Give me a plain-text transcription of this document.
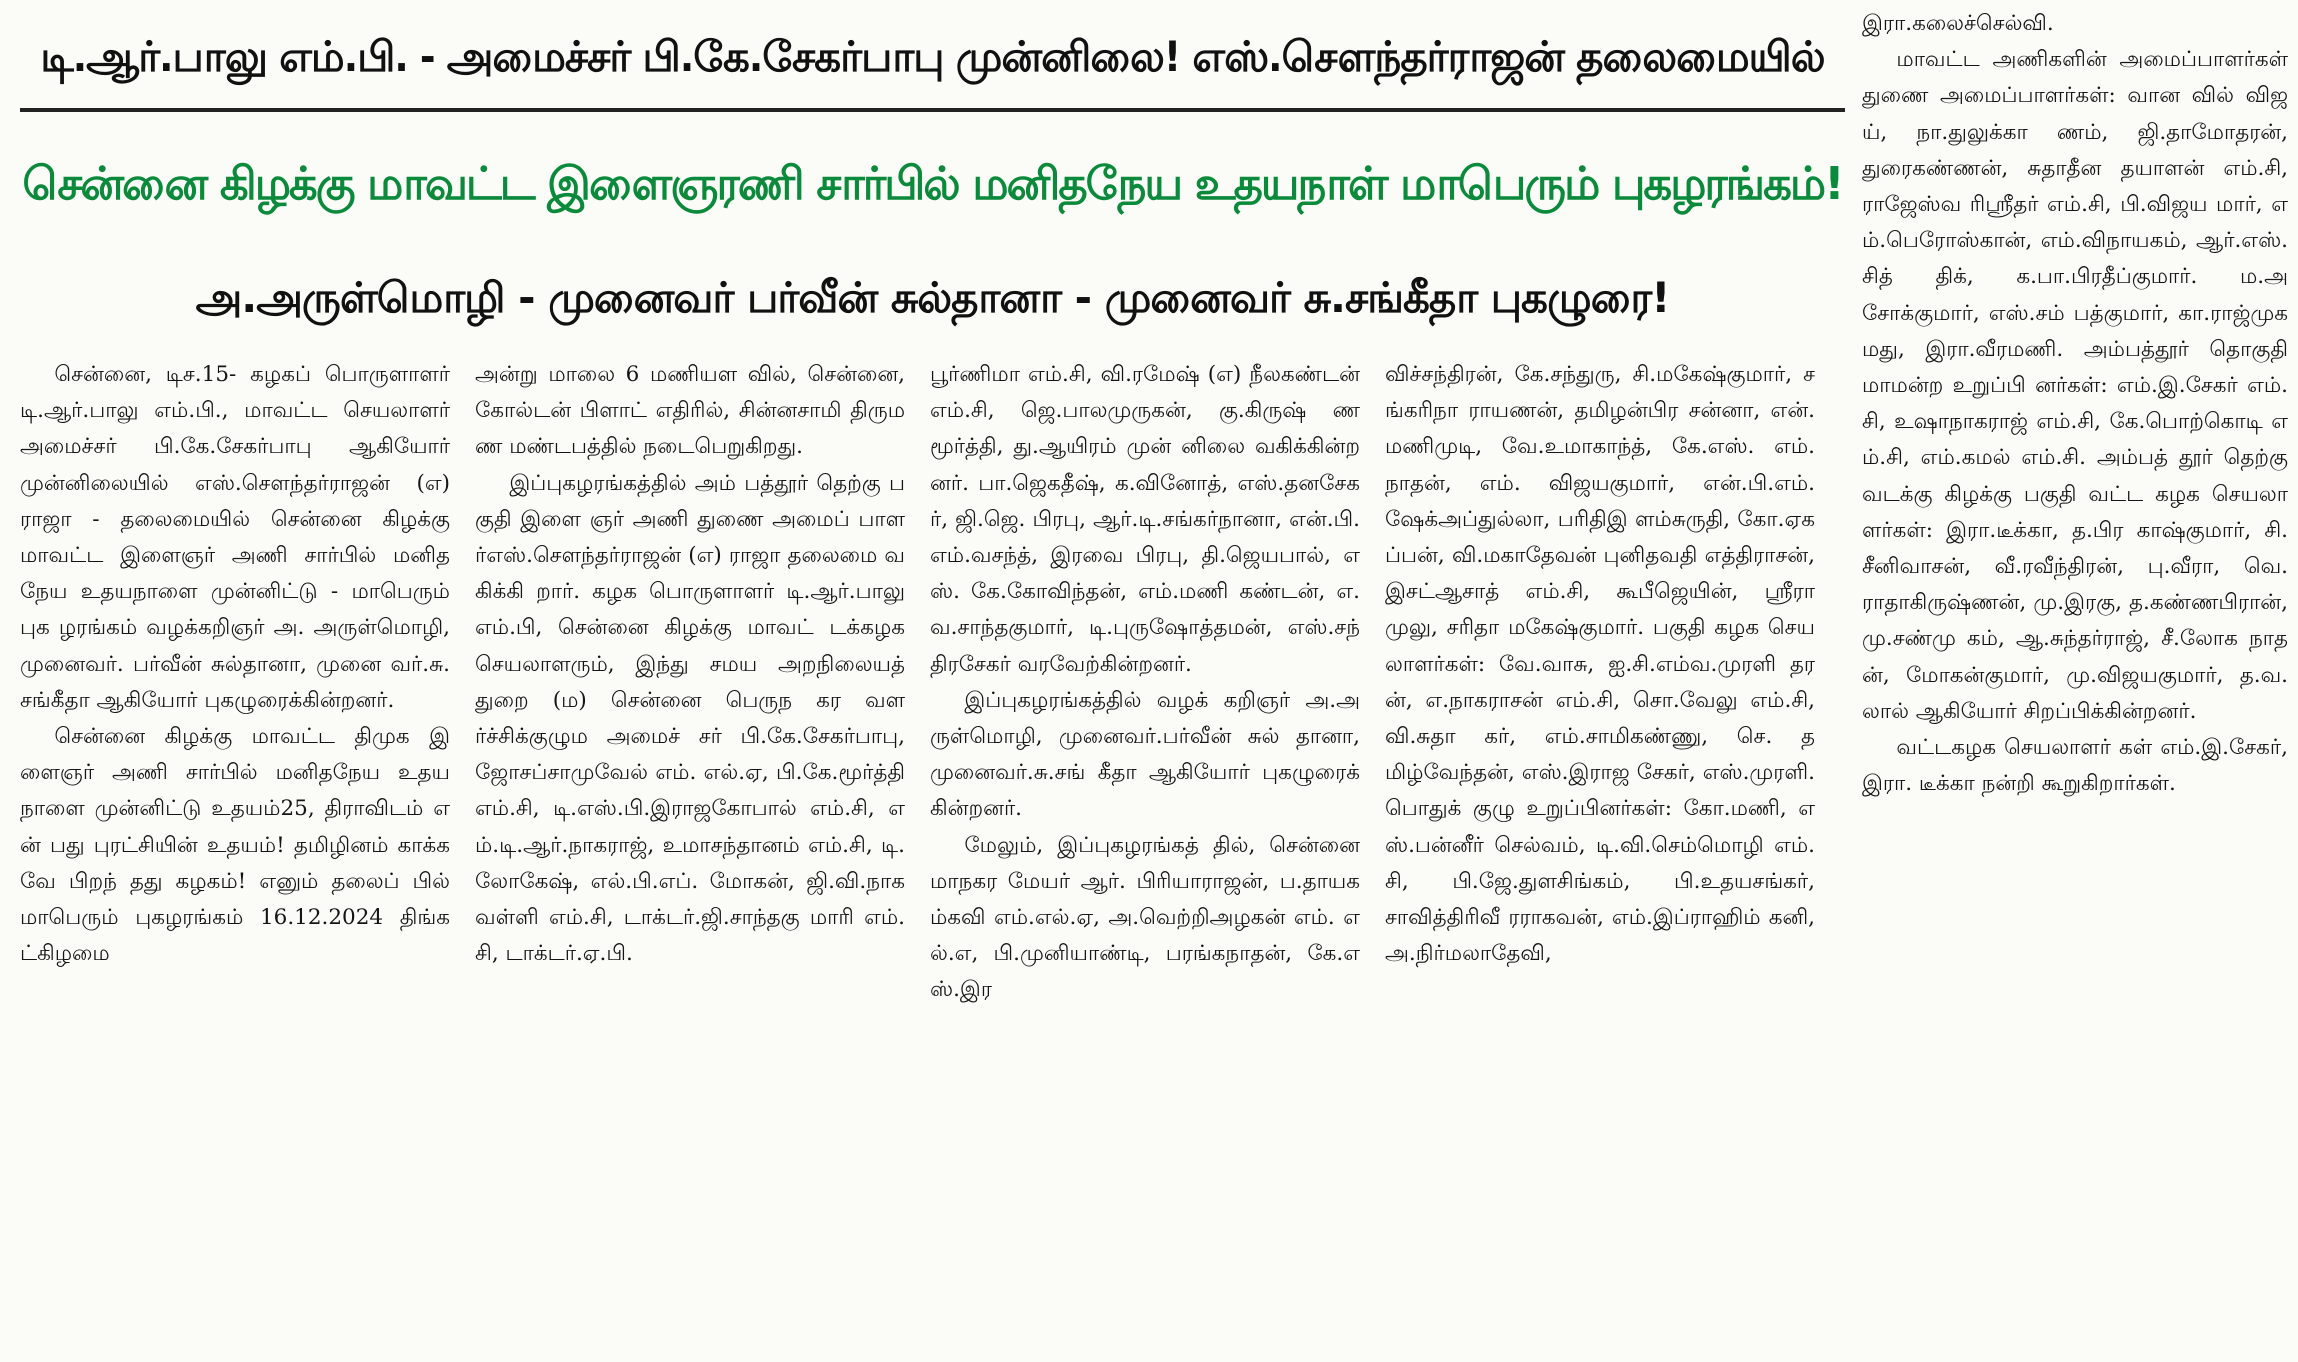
டி.ஆர்.பாலு எம்.பி. - அமைச்சர் பி.கே.சேகர்பாபு முன்னிலை! எஸ்.சௌந்தர்ராஜன் தலைமையில்
சென்னை கிழக்கு மாவட்ட இளைஞரணி சார்பில் மனிதநேய உதயநாள் மாபெரும் புகழரங்கம்!
அ.அருள்மொழி - முனைவர் பர்வீன் சுல்தானா - முனைவர் சு.சங்கீதா புகழுரை!

சென்னை, டிச.15- கழகப் பொருளாளர் டி.ஆர்.பாலு எம்.பி., மாவட்ட செயலாளர் அமைச்சர் பி.கே.சேகர்பாபு ஆகியோர் முன்னிலையில் எஸ்.சௌந்தர்ராஜன் (எ) ராஜா - தலைமையில் சென்னை கிழக்கு மாவட்ட இளைஞர் அணி சார்பில் மனிதநேய உதயநாளை முன்னிட்டு - மாபெரும் புக ழரங்கம் வழக்கறிஞர் அ. அருள்மொழி, முனைவர். பர்வீன் சுல்தானா, முனை வர்.சு.சங்கீதா ஆகியோர் புகழுரைக்கின்றனர்.

சென்னை கிழக்கு மாவட்ட திமுக இளைஞர் அணி சார்பில் மனிதநேய உதயநாளை முன்னிட்டு உதயம்25, திராவிடம் என் பது புரட்சியின் உதயம்! தமிழினம் காக்கவே பிறந் தது கழகம்! எனும் தலைப் பில் மாபெரும் புகழரங்கம் 16.12.2024 திங்கட்கிழமை

அன்று மாலை 6 மணியள வில், சென்னை, கோல்டன் பிளாட் எதிரில், சின்னசாமி திருமண மண்டபத்தில் நடைபெறுகிறது.

இப்புகழரங்கத்தில் அம் பத்தூர் தெற்கு பகுதி இளை ஞர் அணி துணை அமைப் பாளர்எஸ்.சௌந்தர்ராஜன் (எ) ராஜா தலைமை வகிக்கி றார். கழக பொருளாளர் டி.ஆர்.பாலு எம்.பி, சென்னை கிழக்கு மாவட் டக்கழக செயலாளரும், இந்து சமய அறநிலையத் துறை (ம) சென்னை பெருந கர வளர்ச்சிக்குழும அமைச் சர் பி.கே.சேகர்பாபு, ஜோசப்சாமுவேல் எம். எல்.ஏ, பி.கே.மூர்த்தி எம்.சி, டி.எஸ்.பி.இராஜகோபால் எம்.சி, எம்.டி.ஆர்.நாகராஜ், உமாசந்தானம் எம்.சி, டி. லோகேஷ், எல்.பி.எப். மோகன், ஜி.வி.நாகவள்ளி எம்.சி, டாக்டர்.ஜி.சாந்தகு மாரி எம்.சி, டாக்டர்.ஏ.பி.

பூர்ணிமா எம்.சி, வி.ரமேஷ் (எ) நீலகண்டன் எம்.சி, ஜெ.பாலமுருகன், கு.கிருஷ் ணமூர்த்தி, து.ஆயிரம் முன் னிலை வகிக்கின்றனர். பா.ஜெகதீஷ், க.வினோத், எஸ்.தனசேகர், ஜி.ஜெ. பிரபு, ஆர்.டி.சங்கர்நானா, என்.பி.எம்.வசந்த், இரவை பிரபு, தி.ஜெயபால், எஸ். கே.கோவிந்தன், எம்.மணி கண்டன், எ.வ.சாந்தகுமார், டி.புருஷோத்தமன், எஸ்.சந் திரசேகர் வரவேற்கின்றனர்.

இப்புகழரங்கத்தில் வழக் கறிஞர் அ.அருள்மொழி, முனைவர்.பர்வீன் சுல் தானா, முனைவர்.சு.சங் கீதா ஆகியோர் புகழுரைக் கின்றனர்.

மேலும், இப்புகழரங்கத் தில், சென்னை மாநகர மேயர் ஆர். பிரியாராஜன், ப.தாயகம்கவி எம்.எல்.ஏ, அ.வெற்றிஅழகன் எம். எல்.எ, பி.முனியாண்டி, பரங்கநாதன், கே.எஸ்.இர

விச்சந்திரன், கே.சந்துரு, சி.மகேஷ்குமார், சங்கரிநா ராயணன், தமிழன்பிர சன்னா, என்.மணிமுடி, வே.உமாகாந்த், கே.எஸ். எம்.நாதன், எம். விஜயகுமார், என்.பி.எம். ஷேக்அப்துல்லா, பரிதிஇ ளம்சுருதி, கோ.ஏகப்பன், வி.மகாதேவன் புனிதவதி எத்திராசன், இசட்ஆசாத் எம்.சி, கூபீஜெயின், ஸ்ரீரா முலு, சரிதா மகேஷ்குமார். பகுதி கழக செயலாளர்கள்: வே.வாசு, ஐ.சி.எம்வ.முரளி தரன், எ.நாகராசன் எம்.சி, சொ.வேலு எம்.சி, வி.சுதா கர், எம்.சாமிகண்ணு, செ. தமிழ்வேந்தன், எஸ்.இராஜ சேகர், எஸ்.முரளி. பொதுக் குழு உறுப்பினர்கள்: கோ.மணி, எஸ்.பன்னீர் செல்வம், டி.வி.செம்மொழி எம்.சி, பி.ஜே.துளசிங்கம், பி.உதயசங்கர், சாவித்திரிவீ ரராகவன், எம்.இப்ராஹிம் கனி, அ.நிர்மலாதேவி,

இரா.கலைச்செல்வி.

மாவட்ட அணிகளின் அமைப்பாளர்கள் துணை அமைப்பாளர்கள்: வான வில் விஜய், நா.துலுக்கா ணம், ஜி.தாமோதரன், துரைகண்ணன், சுதாதீன தயாளன் எம்.சி, ராஜேஸ்வ ரிஸ்ரீதர் எம்.சி, பி.விஜய மார், எம்.பெரோஸ்கான், எம்.விநாயகம், ஆர்.எஸ்.சித் திக், க.பா.பிரதீப்குமார். ம.அசோக்குமார், எஸ்.சம் பத்குமார், கா.ராஜ்முகமது, இரா.வீரமணி. அம்பத்தூர் தொகுதி மாமன்ற உறுப்பி னர்கள்: எம்.இ.சேகர் எம். சி, உஷாநாகராஜ் எம்.சி, கே.பொற்கொடி எம்.சி, எம்.கமல் எம்.சி. அம்பத் தூர் தெற்கு வடக்கு கிழக்கு பகுதி வட்ட கழக செயலா ளர்கள்: இரா.டீக்கா, த.பிர காஷ்குமார், சி.சீனிவாசன், வீ.ரவீந்திரன், பு.வீரா, வெ. ராதாகிருஷ்ணன், மு.இரகு, த.கண்ணபிரான், மு.சண்மு கம், ஆ.சுந்தர்ராஜ், சீ.லோக நாதன், மோகன்குமார், மு.விஜயகுமார், த.வ.லால் ஆகியோர் சிறப்பிக்கின்றனர்.

வட்டகழக செயலாளர் கள் எம்.இ.சேகர், இரா. டீக்கா நன்றி கூறுகிறார்கள்.
